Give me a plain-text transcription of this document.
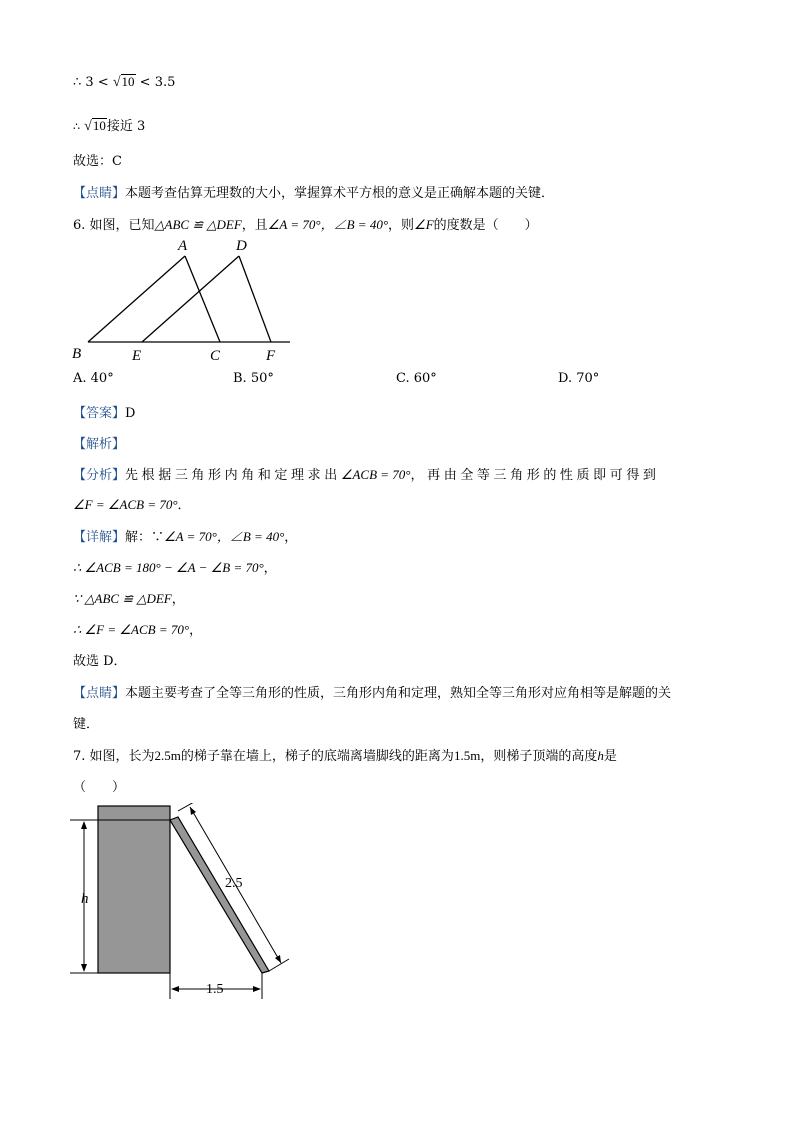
∴ 3 < √10 < 3.5
∴ √10接近 3
故选：C
【点睛】本题考查估算无理数的大小，掌握算术平方根的意义是正确解本题的关键．
6. 如图，已知△ABC ≌ △DEF，且∠A = 70°，∠B = 40°，则∠F的度数是（　　）
A	D
B	E	C	F
A. 40°	B. 50°	C. 60°	D. 70°
【答案】D
【解析】
【分析】先根据三角形内角和定理求出∠ACB = 70°，再由全等三角形的性质即可得到
∠F = ∠ACB = 70°．
【详解】解：∵∠A = 70°，∠B = 40°，
∴ ∠ACB = 180° − ∠A − ∠B = 70°，
∵ △ABC ≌ △DEF，
∴ ∠F = ∠ACB = 70°，
故选 D．
【点睛】本题主要考查了全等三角形的性质，三角形内角和定理，熟知全等三角形对应角相等是解题的关
键．
7. 如图，长为2.5m的梯子靠在墙上，梯子的底端离墙脚线的距离为1.5m，则梯子顶端的高度h是
（　　）
h
2.5
1.5
